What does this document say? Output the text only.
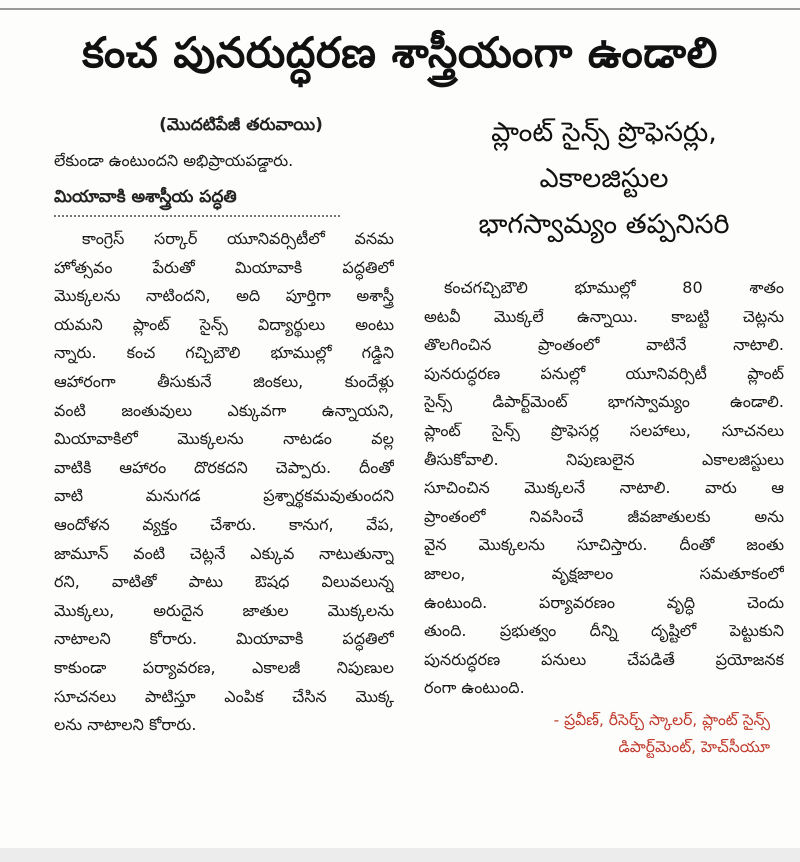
కంచ పునరుద్ధరణ శాస్త్రీయంగా ఉండాలి
(మొదటిపేజీ తరువాయి)
లేకుండా ఉంటుందని అభిప్రాయపడ్డారు.
మియావాకి అశాస్త్రీయ పద్ధతి
కాంగ్రెస్ సర్కార్ యూనివర్సిటీలో వనమ
హోత్సవం పేరుతో మియావాకి పద్ధతిలో
మొక్కలను నాటిందని, అది పూర్తిగా అశాస్త్రీ
యమని ప్లాంట్ సైన్స్ విద్యార్థులు అంటు
న్నారు. కంచ గచ్చిబౌలి భూముల్లో గడ్డిని
ఆహారంగా తీసుకునే జింకలు, కుందేళ్లు
వంటి జంతువులు ఎక్కువగా ఉన్నాయని,
మియావాకిలో మొక్కలను నాటడం వల్ల
వాటికి ఆహారం దొరకదని చెప్పారు. దీంతో
వాటి మనుగడ ప్రశ్నార్థకమవుతుందని
ఆందోళన వ్యక్తం చేశారు. కానుగ, వేప,
జామూన్ వంటి చెట్లనే ఎక్కువ నాటుతున్నా
రని, వాటితో పాటు ఔషధ విలువలున్న
మొక్కలు, అరుదైన జాతుల మొక్కలను
నాటాలని కోరారు. మియావాకి పద్ధతిలో
కాకుండా పర్యావరణ, ఎకాలజీ నిపుణుల
సూచనలు పాటిస్తూ ఎంపిక చేసిన మొక్క
లను నాటాలని కోరారు.
ప్లాంట్ సైన్స్ ప్రొఫెసర్లు,
ఎకాలజిస్టుల
భాగస్వామ్యం తప్పనిసరి
కంచగచ్చిబౌలి భూముల్లో 80 శాతం
అటవీ మొక్కలే ఉన్నాయి. కాబట్టి చెట్లను
తొలగించిన ప్రాంతంలో వాటినే నాటాలి.
పునరుద్ధరణ పనుల్లో యూనివర్సిటీ ప్లాంట్
సైన్స్ డిపార్ట్‌మెంట్ భాగస్వామ్యం ఉండాలి.
ప్లాంట్ సైన్స్ ప్రొఫెసర్ల సలహాలు, సూచనలు
తీసుకోవాలి. నిపుణులైన ఎకాలజిస్టులు
సూచించిన మొక్కలనే నాటాలి. వారు ఆ
ప్రాంతంలో నివసించే జీవజాతులకు అను
వైన మొక్కలను సూచిస్తారు. దీంతో జంతు
జాలం, వృక్షజాలం సమతూకంలో
ఉంటుంది. పర్యావరణం వృద్ధి చెందు
తుంది. ప్రభుత్వం దీన్ని దృష్టిలో పెట్టుకుని
పునరుద్ధరణ పనులు చేపడితే ప్రయోజనక
రంగా ఉంటుంది.
- ప్రవీణ్, రీసెర్చ్ స్కాలర్, ప్లాంట్ సైన్స్
డిపార్ట్‌మెంట్, హెచ్‌సీయూ
